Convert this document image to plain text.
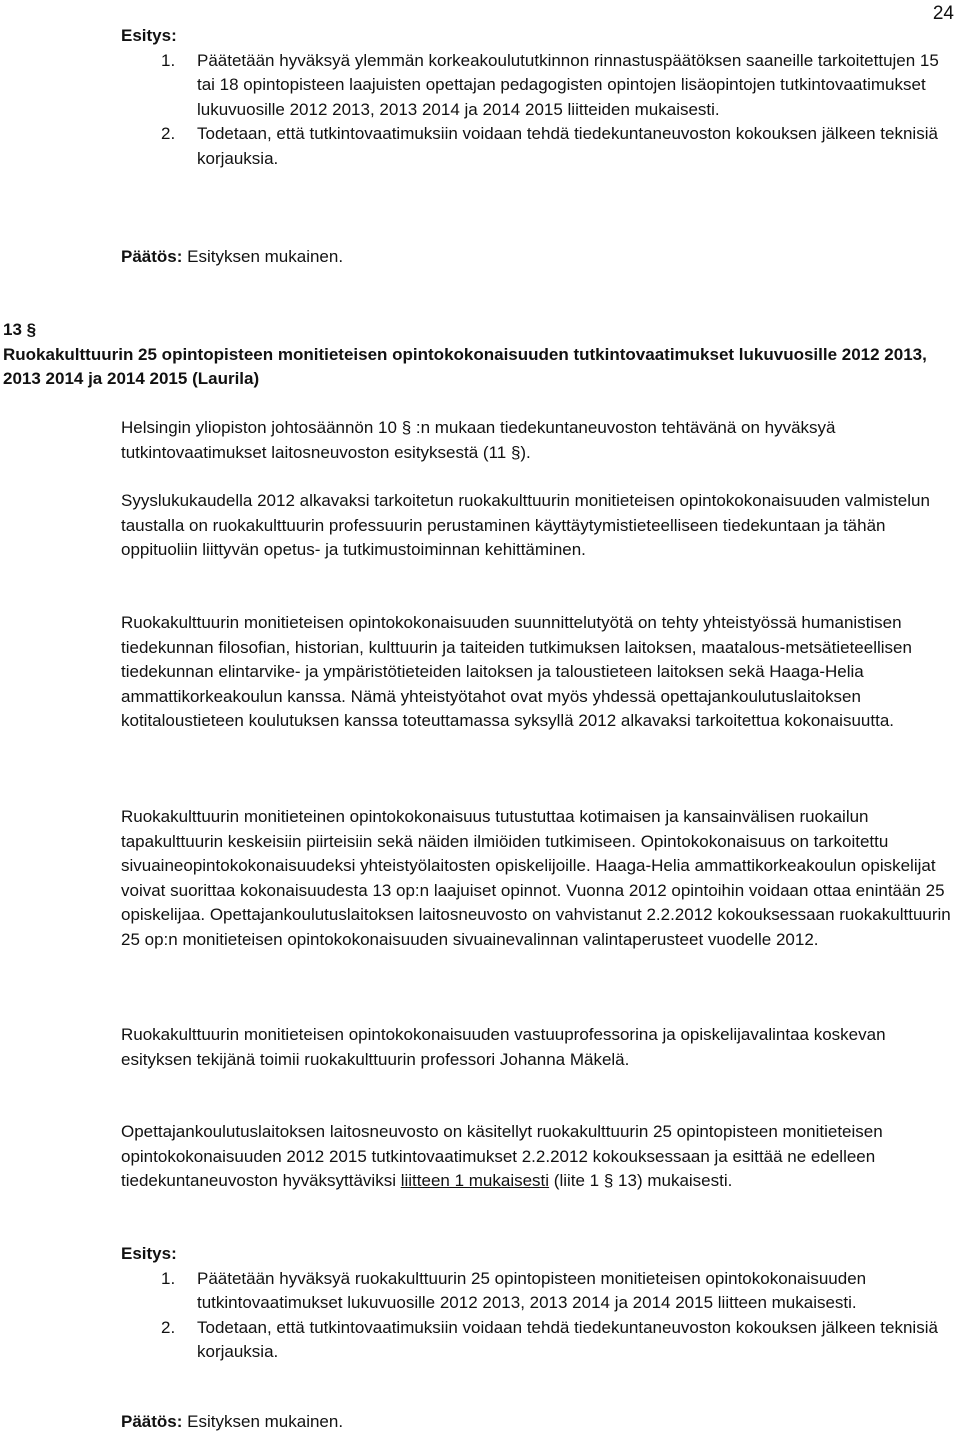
24
Esitys:
1. Päätetään hyväksyä ylemmän korkeakoulututkinnon rinnastuspäätöksen saaneille tarkoitettujen 15 tai 18 opintopisteen laajuisten opettajan pedagogisten opintojen lisäopintojen tutkintovaatimukset lukuvuosille 2012 2013, 2013 2014 ja 2014 2015 liitteiden mukaisesti.
2. Todetaan, että tutkintovaatimuksiin voidaan tehdä tiedekuntaneuvoston kokouksen jälkeen teknisiä korjauksia.
Päätös: Esityksen mukainen.
13 §
Ruokakulttuurin 25 opintopisteen monitieteisen opintokokonaisuuden tutkintovaatimukset lukuvuosille 2012 2013, 2013 2014 ja 2014 2015 (Laurila)

Helsingin yliopiston johtosäännön 10 § :n mukaan tiedekuntaneuvoston tehtävänä on hyväksyä tutkintovaatimukset laitosneuvoston esityksestä (11 §).

Syyslukukaudella 2012 alkavaksi tarkoitetun ruokakulttuurin monitieteisen opintokokonaisuuden valmistelun taustalla on ruokakulttuurin professuurin perustaminen käyttäytymistieteelliseen tiedekuntaan ja tähän oppituoliin liittyvän opetus- ja tutkimustoiminnan kehittäminen.

Ruokakulttuurin monitieteisen opintokokonaisuuden suunnittelutyötä on tehty yhteistyössä humanistisen tiedekunnan filosofian, historian, kulttuurin ja taiteiden tutkimuksen laitoksen, maatalous-metsätieteellisen tiedekunnan elintarvike- ja ympäristötieteiden laitoksen ja taloustieteen laitoksen sekä Haaga-Helia ammattikorkeakoulun kanssa. Nämä yhteistyötahot ovat myös yhdessä opettajankoulutuslaitoksen kotitaloustieteen koulutuksen kanssa toteuttamassa syksyllä 2012 alkavaksi tarkoitettua kokonaisuutta.

Ruokakulttuurin monitieteinen opintokokonaisuus tutustuttaa kotimaisen ja kansainvälisen ruokailun tapakulttuurin keskeisiin piirteisiin sekä näiden ilmiöiden tutkimiseen. Opintokokonaisuus on tarkoitettu sivuaineopintokokonaisuudeksi yhteistyölaitosten opiskelijoille. Haaga-Helia ammattikorkeakoulun opiskelijat voivat suorittaa kokonaisuudesta 13 op:n laajuiset opinnot. Vuonna 2012 opintoihin voidaan ottaa enintään 25 opiskelijaa. Opettajankoulutuslaitoksen laitosneuvosto on vahvistanut 2.2.2012 kokouksessaan ruokakulttuurin 25 op:n monitieteisen opintokokonaisuuden sivuainevalinnan valintaperusteet vuodelle 2012.

Ruokakulttuurin monitieteisen opintokokonaisuuden vastuuprofessorina ja opiskelijavalintaa koskevan esityksen tekijänä toimii ruokakulttuurin professori Johanna Mäkelä.

Opettajankoulutuslaitoksen laitosneuvosto on käsitellyt ruokakulttuurin 25 opintopisteen monitieteisen opintokokonaisuuden 2012 2015 tutkintovaatimukset 2.2.2012 kokouksessaan ja esittää ne edelleen tiedekuntaneuvoston hyväksyttäviksi liitteen 1 mukaisesti (liite 1 § 13) mukaisesti.

Esitys:
1. Päätetään hyväksyä ruokakulttuurin 25 opintopisteen monitieteisen opintokokonaisuuden tutkintovaatimukset lukuvuosille 2012 2013, 2013 2014 ja 2014 2015 liitteen mukaisesti.
2. Todetaan, että tutkintovaatimuksiin voidaan tehdä tiedekuntaneuvoston kokouksen jälkeen teknisiä korjauksia.
Päätös: Esityksen mukainen.
